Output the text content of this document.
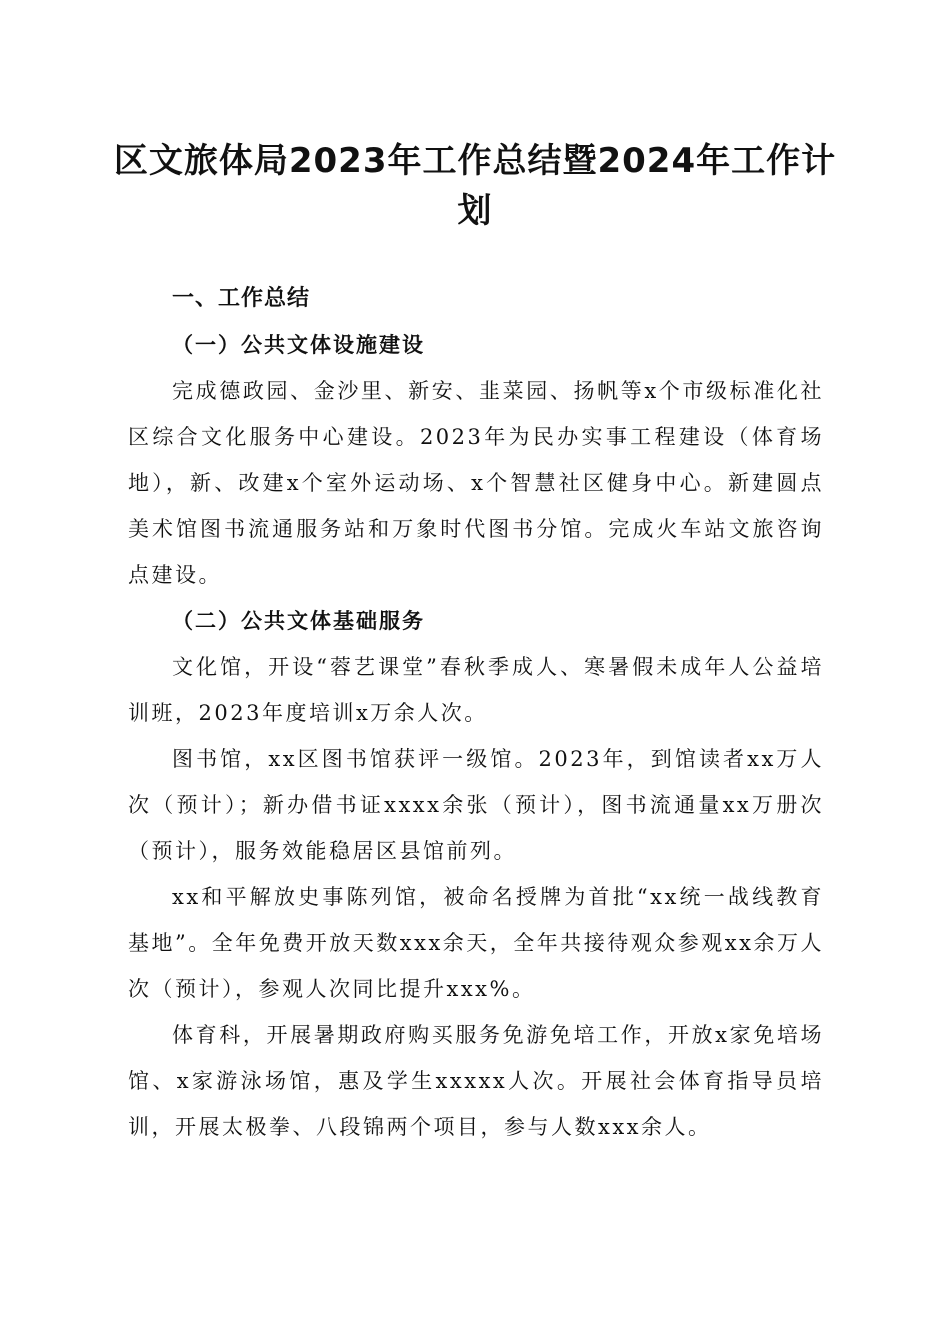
区文旅体局2023年工作总结暨2024年工作计划

一、工作总结

（一）公共文体设施建设

完成德政园、金沙里、新安、韭菜园、扬帆等x个市级标准化社区综合文化服务中心建设。2023年为民办实事工程建设（体育场地），新、改建x个室外运动场、x个智慧社区健身中心。新建圆点美术馆图书流通服务站和万象时代图书分馆。完成火车站文旅咨询点建设。

（二）公共文体基础服务

文化馆，开设“蓉艺课堂”春秋季成人、寒暑假未成年人公益培训班，2023年度培训x万余人次。

图书馆，xx区图书馆获评一级馆。2023年，到馆读者xx万人次（预计）；新办借书证xxxx余张（预计），图书流通量xx万册次（预计），服务效能稳居区县馆前列。

xx和平解放史事陈列馆，被命名授牌为首批“xx统一战线教育基地”。全年免费开放天数xxx余天，全年共接待观众参观xx余万人次（预计），参观人次同比提升xxx%。

体育科，开展暑期政府购买服务免游免培工作，开放x家免培场馆、x家游泳场馆，惠及学生xxxxx人次。开展社会体育指导员培训，开展太极拳、八段锦两个项目，参与人数xxx余人。
